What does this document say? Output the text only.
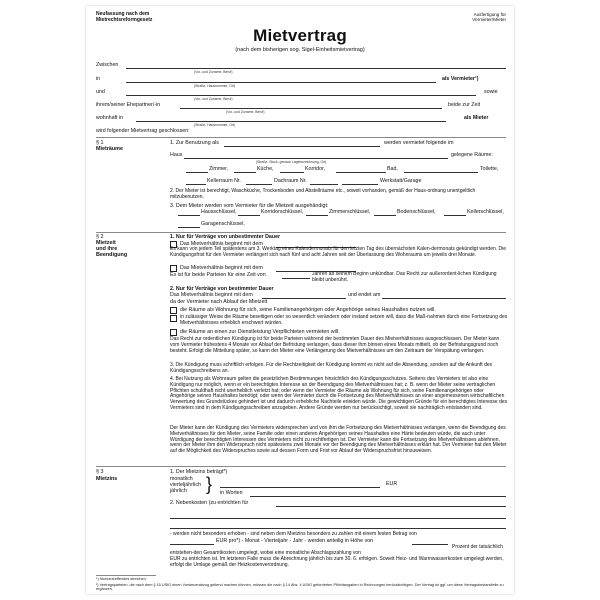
Neufassung nach dem
Mietrechtsreformgesetz
Ausfertigung für
Vermieter/Mieter
Mietvertrag
(nach dem bisherigen sog. Sigel-Einheitsmietvertrag)
Zwischen
(Vor- und Zuname, Beruf)
in	als Vermieter¹)
(Straße, Hausnummer, Ort)
und	sowie
(Vor- und Zuname, Beruf)
ihrem/seiner Ehepartner/-in	beide zur Zeit
(Vor- und Zuname, Beruf)
wohnhaft in	als Mieter
(Straße, Hausnummer, Ort)
wird folgender Mietvertrag geschlossen:
§ 1
Mieträume
1. Zur Benutzung als	werden vermietet folgende im
Haus	gelegene Räume:
(Straße, Stock, genaue Lagebezeichnung, Ort)
Zimmer,	Küche,	Korridor,	Bad,	Toilette,
Kellerraum Nr.	Dachraum Nr.	Werkstatt/Garage
2. Der Mieter ist berechtigt, Waschküche, Trockenboden und Abstellräume etc., soweit vorhanden, gemäß der Haus-ordnung unentgeltlich mitzubenutzen.
3. Dem Mieter werden vom Vermieter für die Mietzeit ausgehändigt:
Hausschlüssel,	Korridorschlüssel,	Zimmerschlüssel,	Bodenschlüssel,	Kellerschlüssel,
Garagenschlüssel,
§ 2
Mietzeit
und ihre
Beendigung
1. Nur für Verträge von unbestimmter Dauer
Das Mietverhältnis beginnt mit dem
Es kann von jedem Teil spätestens am 3. Werktag eines Kalendermonats für den letzten Tag des übernächsten Kalen-dermonats gekündigt werden. Die Kündigungsfrist für den Vermieter verlängert sich nach fünf und acht Jahren seit der Überlassung des Wohnraums um jeweils drei Monate.
Das Mietverhältnis beginnt mit dem
Es ist für beide Parteien für eine Zeit von	Jahren ab seinem Beginn unkündbar. Das Recht zur außerordent-lichen Kündigung bleibt unberührt.
2. Nur für Verträge von bestimmter Dauer
Das Mietverhältnis beginnt mit dem	und endet am
da der Vermieter nach Ablauf der Mietzeit
die Räume als Wohnung für sich, seine Familienangehörigen oder Angehörige seines Haushaltes nutzen will.
in zulässiger Weise die Räume beseitigen oder so wesentlich verändern oder instand setzen will, dass die Maß-nahmen durch eine Fortsetzung des Mietverhältnisses erheblich erschwert würden.
die Räume an einen zur Dienstleistung Verpflichteten vermieten will.
Das Recht zur ordentlichen Kündigung ist für beide Parteien während der bestimmten Dauer des Mietverhältnisses ausgeschlossen. Der Mieter kann vom Vermieter frühestens 4 Monate vor Ablauf der Befristung verlangen, dass dieser ihm binnen eines Monats mitteilt, ob der Befristungsgrund noch besteht. Erfolgt die Mitteilung später, so kann der Mieter eine Verlängerung des Mietverhältnisses um den Zeitraum der Verspätung verlangen.
3. Die Kündigung muss schriftlich erfolgen. Für die Rechtzeitigkeit der Kündigung kommt es nicht auf die Absendung, sondern auf die Ankunft des Kündigungsschreibens an.
4. Bei Nutzung als Wohnraum gelten die gesetzlichen Bestimmungen hinsichtlich des Kündigungsschutzes. Seitens des Vermieters ist also eine Kündigung nur möglich, wenn er ein berechtigtes Interesse an der Beendigung des Mietverhältnisses hat; z. B. wenn der Mieter seine vertraglichen Pflichten schuldhaft nicht unerheblich verletzt hat; oder wenn der Vermieter die Räume als Wohnung für sich, seine Familienangehörigen oder Angehörige seines Haushaltes benötigt; oder wenn der Vermieter durch die Fortsetzung des Mietverhältnisses an einer angemessenen wirtschaftlichen Verwertung des Grundstückes gehindert ist und dadurch erhebliche Nachteile erleiden würde. Die gewichtigen Gründe für ein berechtigtes Interesse des Vermieters sind in dem Kündigungsschreiben anzugeben. Andere Gründe werden nur berücksichtigt, soweit sie nachträglich entstanden sind.
Der Mieter kann der Kündigung des Vermieters widersprechen und von ihm die Fortsetzung des Mietverhältnisses verlangen, wenn die Beendigung des Mietverhältnisses für den Mieter, seine Familie oder einen anderen Angehörigen seines Haushaltes eine Härte bedeuten würde, die auch unter Würdigung der berechtigten Interessen des Vermieters nicht zu rechtfertigen ist. Der Vermieter kann die Fortsetzung des Mietverhältnisses ablehnen, wenn der Mieter ihm den Widerspruch nicht spätestens zwei Monate vor der Beendigung des Mietverhältnisses erklärt hat. Der Vermieter hat den Mieter auf die Möglichkeit des Widerspruches sowie auf dessen Form und Frist vor Ablauf der Widerspruchsfrist hinzuweisen.
§ 3
Mietzins
1. Der Mietzins beträgt*)
monatlich
vierteljährlich
jährlich	}	EUR
in Worten
2. Nebenkosten (zu entrichten für
- werden nicht besonders erhoben - sind neben dem Mietzins besonders zu zahlen mit einem festen Betrag von
EUR pro*) - Monat - Vierteljahr - Jahr - werden anteilig in Höhe von
Prozent der tatsächlich entstehen-den Gesamtkosten umgelegt, wobei eine monatliche Abschlagszahlung von
EUR zu entrichten ist. Im letzteren Falle muss die Abrechnung jährlich bis zum 30. 6. erfolgen. Soweit Heiz- und Warmwasserkosten umgelegt werden, erfolgt die Umlage gemäß der Heizkostenverordnung.
*) Nichtzutreffendes streichen.
¹) Vertragsparteien, die nach dem § 15 UStG einen Vorsteuerabzug geltend machen können, müssen die nach § 14 Abs. 4 UStG geforderten Pflichtangaben in Rechnungen berücksichtigen. Der Vertrag ist ggf. um diese Vertragsbestandteile zu ergänzen.
